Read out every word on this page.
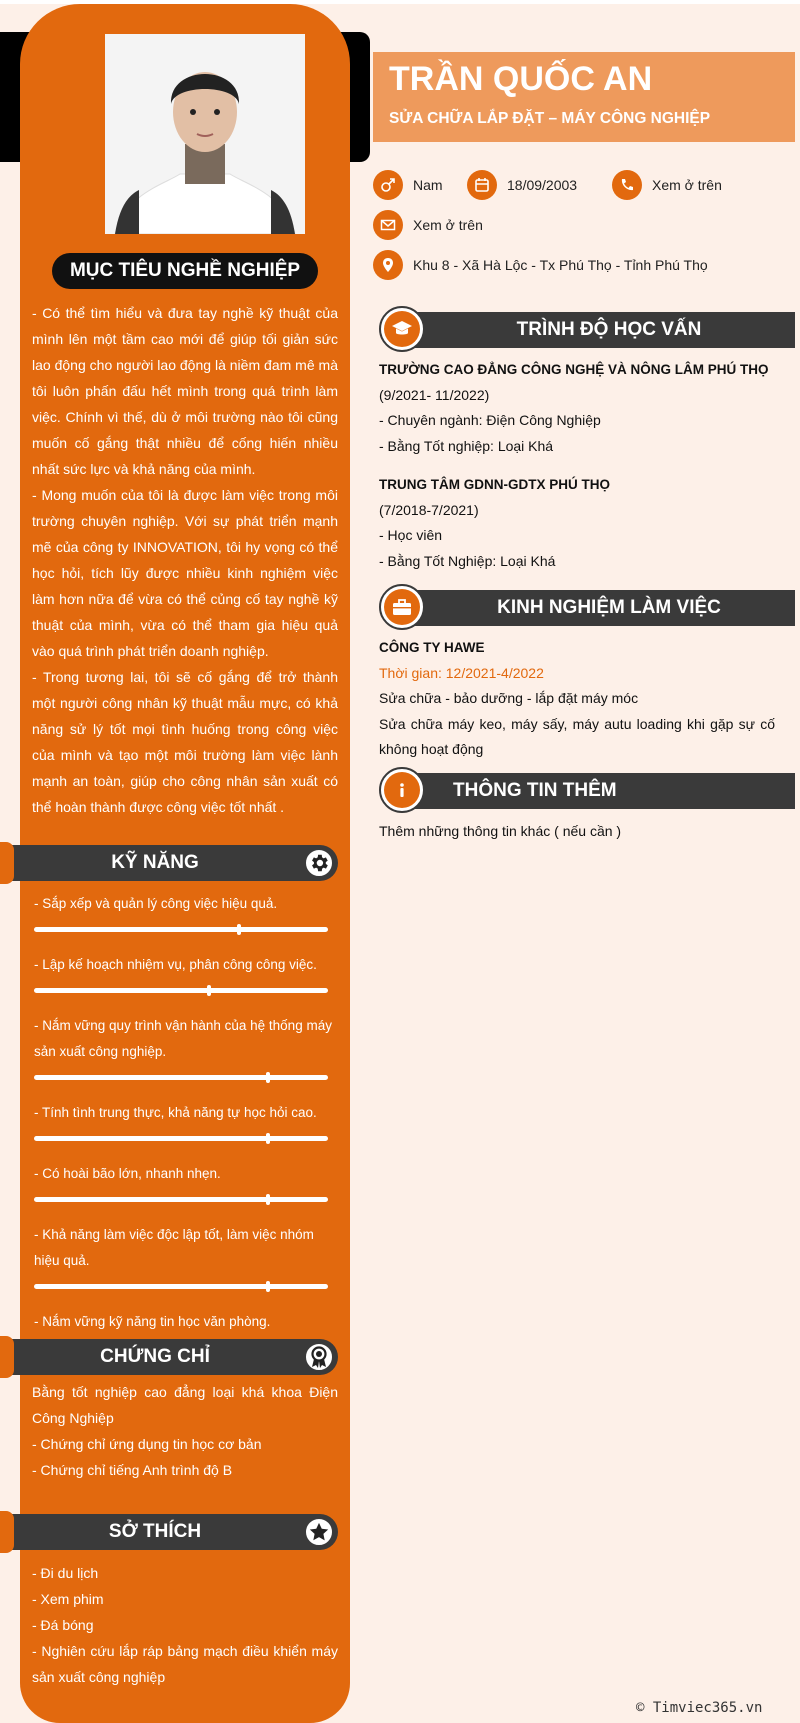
MỤC TIÊU NGHỀ NGHIỆP

- Có thể tìm hiểu và đưa tay nghề kỹ thuật của mình lên một tầm cao mới để giúp tối giản sức lao động cho người lao động là niềm đam mê mà tôi luôn phấn đấu hết mình trong quá trình làm việc. Chính vì thế, dù ở môi trường nào tôi cũng muốn cố gắng thật nhiều để cống hiến nhiều nhất sức lực và khả năng của mình.

- Mong muốn của tôi là được làm việc trong môi trường chuyên nghiệp. Với sự phát triển mạnh mẽ của công ty INNOVATION, tôi hy vọng có thể học hỏi, tích lũy được nhiều kinh nghiệm việc làm hơn nữa để vừa có thể củng cố tay nghề kỹ thuật của mình, vừa có thể tham gia hiệu quả vào quá trình phát triển doanh nghiệp.

- Trong tương lai, tôi sẽ cố gắng để trở thành một người công nhân kỹ thuật mẫu mực, có khả năng sử lý tốt mọi tình huống trong công việc của mình và tạo một môi trường làm việc lành mạnh an toàn, giúp cho công nhân sản xuất có thể hoàn thành được công việc tốt nhất .

KỸ NĂNG

- Sắp xếp và quản lý công việc hiệu quả.

- Lập kế hoạch nhiệm vụ, phân công công việc.

- Nắm vững quy trình vận hành của hệ thống máy sản xuất công nghiệp.

- Tính tình trung thực, khả năng tự học hỏi cao.

- Có hoài bão lớn, nhanh nhẹn.

- Khả năng làm việc độc lập tốt, làm việc nhóm hiệu quả.

- Nắm vững kỹ năng tin học văn phòng.

CHỨNG CHỈ

Bằng tốt nghiệp cao đẳng loại khá khoa Điện Công Nghiệp

- Chứng chỉ ứng dụng tin học cơ bản

- Chứng chỉ tiếng Anh trình độ B

SỞ THÍCH

- Đi du lịch

- Xem phim

- Đá bóng

- Nghiên cứu lắp ráp bảng mạch điều khiển máy sản xuất công nghiệp

TRẦN QUỐC AN
SỬA CHỮA LẮP ĐẶT – MÁY CÔNG NGHIỆP
Nam	18/09/2003	Xem ở trên
Xem ở trên
Khu 8 - Xã Hà Lộc - Tx Phú Thọ - Tỉnh Phú Thọ
TRÌNH ĐỘ HỌC VẤN

TRƯỜNG CAO ĐẲNG CÔNG NGHỆ VÀ NÔNG LÂM PHÚ THỌ

(9/2021- 11/2022)

- Chuyên ngành: Điện Công Nghiệp

- Bằng Tốt nghiệp: Loại Khá

TRUNG TÂM GDNN-GDTX PHÚ THỌ

(7/2018-7/2021)

- Học viên

- Bằng Tốt Nghiệp: Loại Khá

KINH NGHIỆM LÀM VIỆC

CÔNG TY HAWE

Thời gian: 12/2021-4/2022

Sửa chữa - bảo dưỡng - lắp đặt máy móc

Sửa chữa máy keo, máy sấy, máy autu loading khi gặp sự cố không hoạt động

THÔNG TIN THÊM

Thêm những thông tin khác ( nếu cần )

© Timviec365.vn
